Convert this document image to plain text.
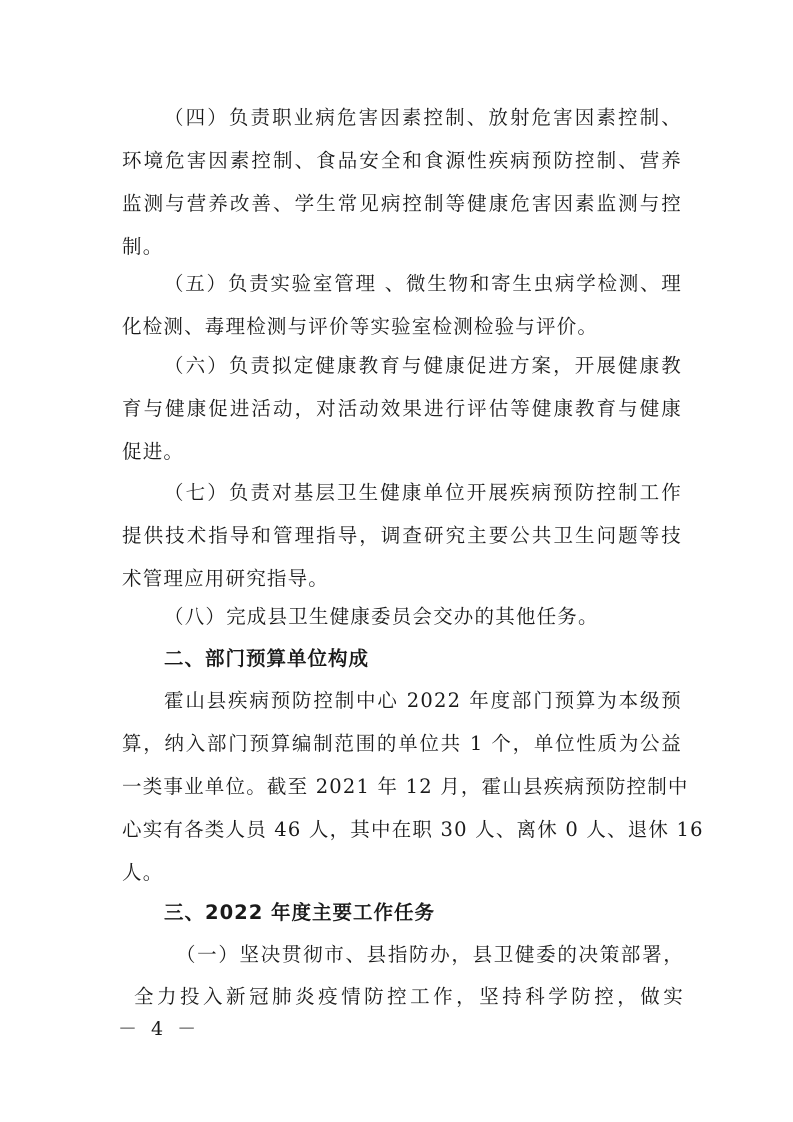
（四）负责职业病危害因素控制、放射危害因素控制、
环境危害因素控制、食品安全和食源性疾病预防控制、营养
监测与营养改善、学生常见病控制等健康危害因素监测与控
制。
（五）负责实验室管理 、微生物和寄生虫病学检测、理
化检测、毒理检测与评价等实验室检测检验与评价。
（六）负责拟定健康教育与健康促进方案，开展健康教
育与健康促进活动，对活动效果进行评估等健康教育与健康
促进。
（七）负责对基层卫生健康单位开展疾病预防控制工作
提供技术指导和管理指导，调查研究主要公共卫生问题等技
术管理应用研究指导。
（八）完成县卫生健康委员会交办的其他任务。
二、部门预算单位构成
霍山县疾病预防控制中心 2022 年度部门预算为本级预
算，纳入部门预算编制范围的单位共 1 个，单位性质为公益
一类事业单位。截至 2021 年 12 月，霍山县疾病预防控制中
心实有各类人员 46 人，其中在职 30 人、离休 0 人、退休 16
人。
三、2022 年度主要工作任务
（一）坚决贯彻市、县指防办，县卫健委的决策部署，
全力投入新冠肺炎疫情防控工作，坚持科学防控，做实
－ 4 －
